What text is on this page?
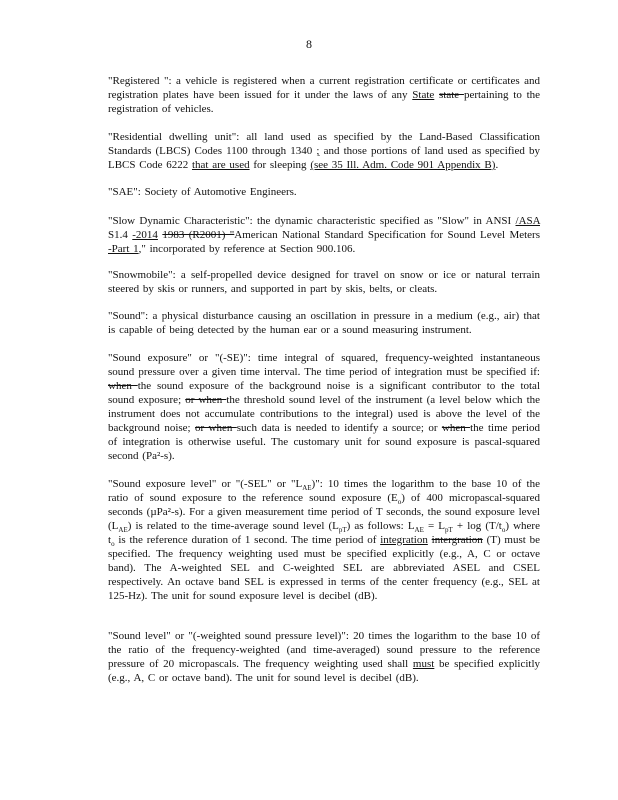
8

"Registered ": a vehicle is registered when a current registration certificate or certificates and registration plates have been issued for it under the laws of any State state pertaining to the registration of vehicles.

"Residential dwelling unit": all land used as specified by the Land-Based Classification Standards (LBCS) Codes 1100 through 1340 ; and those portions of land used as specified by LBCS Code 6222 that are used for sleeping (see 35 Ill. Adm. Code 901 Appendix B).

"SAE": Society of Automotive Engineers.

"Slow Dynamic Characteristic": the dynamic characteristic specified as "Slow" in ANSI /ASA S1.4 -2014 1983 (R2001) "American National Standard Specification for Sound Level Meters -Part 1," incorporated by reference at Section 900.106.

"Snowmobile": a self-propelled device designed for travel on snow or ice or natural terrain steered by skis or runners, and supported in part by skis, belts, or cleats.

"Sound": a physical disturbance causing an oscillation in pressure in a medium (e.g., air) that is capable of being detected by the human ear or a sound measuring instrument.

"Sound exposure" or "(-SE)": time integral of squared, frequency-weighted instantaneous sound pressure over a given time interval. The time period of integration must be specified if: when the sound exposure of the background noise is a significant contributor to the total sound exposure; or when the threshold sound level of the instrument (a level below which the instrument does not accumulate contributions to the integral) used is above the level of the background noise; or when such data is needed to identify a source; or when the time period of integration is otherwise useful. The customary unit for sound exposure is pascal-squared second (Pa²-s).

"Sound exposure level" or "(-SEL" or "$L_{AE}$)": 10 times the logarithm to the base 10 of the ratio of sound exposure to the reference sound exposure $(E_o)$ of 400 micropascal-squared seconds (µPa²-s). For a given measurement time period of T seconds, the sound exposure level $(L_{AE})$ is related to the time-average sound level $(L_{pT})$ as follows: $L_{AE} = L_{pT} + \log (T/t_o)$ where $t_o$ is the reference duration of 1 second. The time period of integration intergration (T) must be specified. The frequency weighting used must be specified explicitly (e.g., A, C or octave band). The A-weighted SEL and C-weighted SEL are abbreviated ASEL and CSEL respectively. An octave band SEL is expressed in terms of the center frequency (e.g., SEL at 125-Hz). The unit for sound exposure level is decibel (dB).

"Sound level" or "(-weighted sound pressure level)": 20 times the logarithm to the base 10 of the ratio of the frequency-weighted (and time-averaged) sound pressure to the reference pressure of 20 micropascals. The frequency weighting used shall must be specified explicitly (e.g., A, C or octave band). The unit for sound level is decibel (dB).
